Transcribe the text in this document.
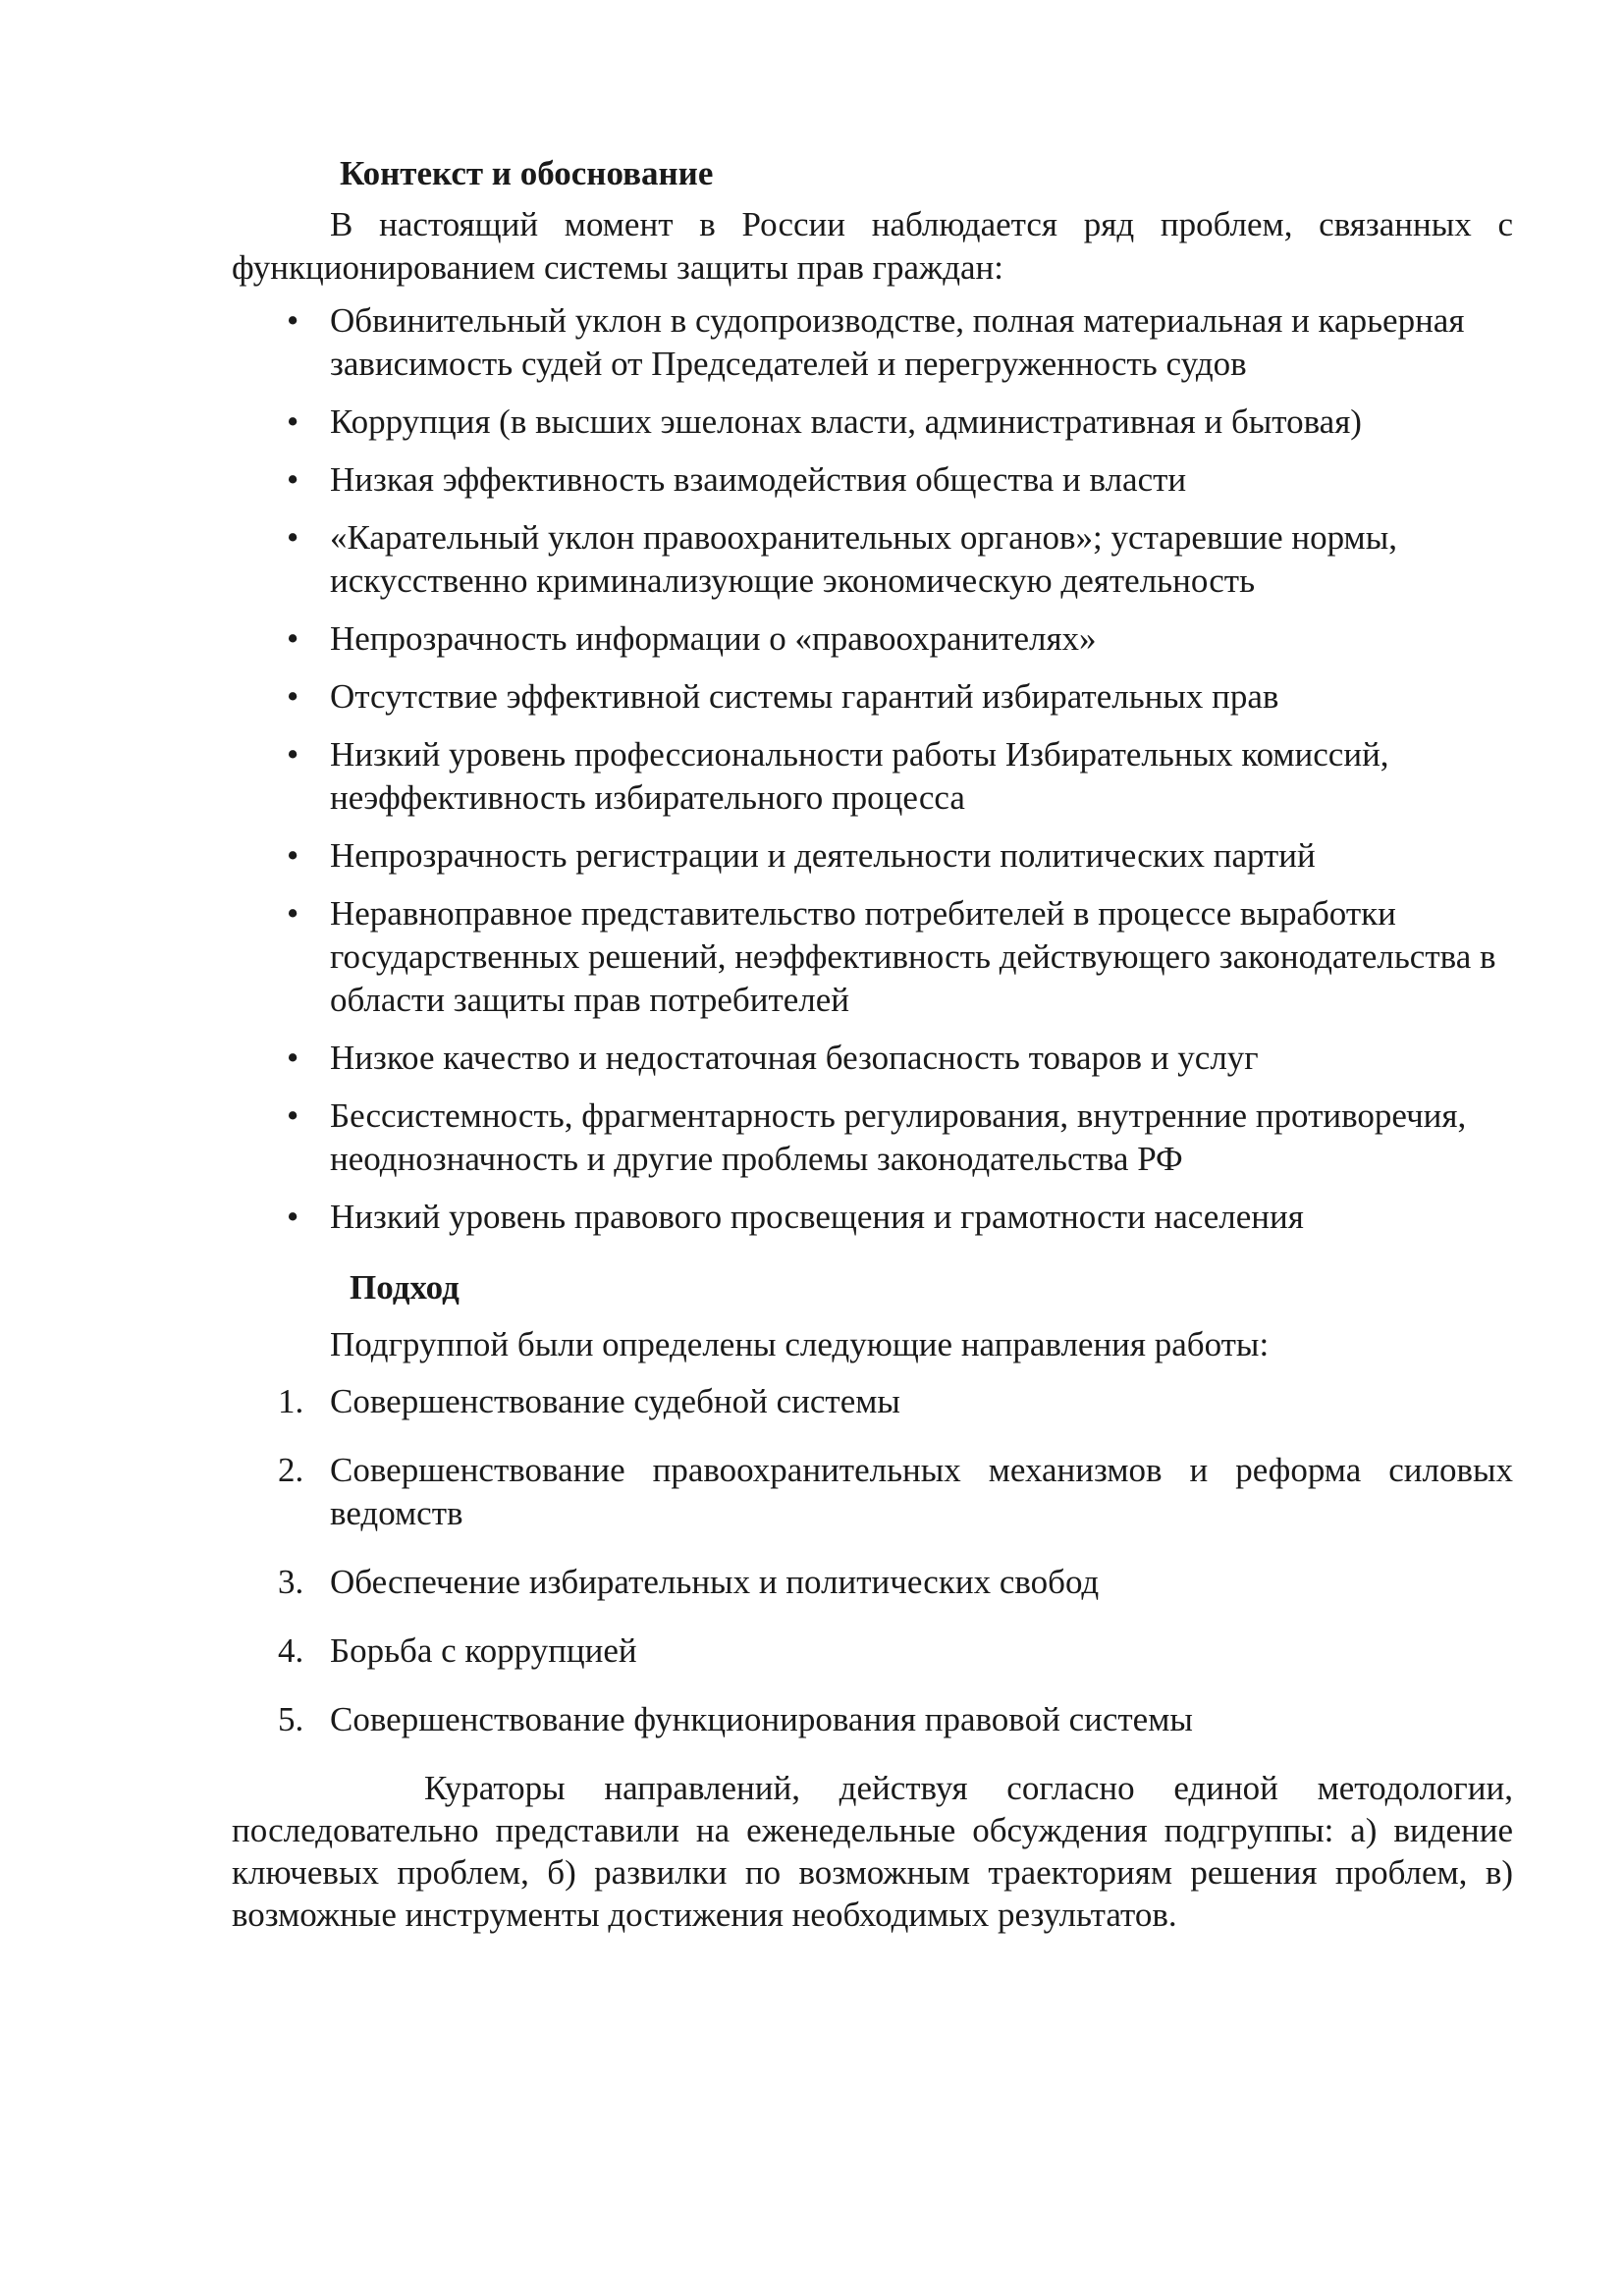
Контекст и обоснование

В настоящий момент в России наблюдается ряд проблем, связанных с функционированием системы защиты прав граждан:

• Обвинительный уклон в судопроизводстве, полная материальная и карьерная зависимость судей от Председателей и перегруженность судов
• Коррупция (в высших эшелонах власти, административная и бытовая)
• Низкая эффективность взаимодействия общества и власти
• «Карательный уклон правоохранительных органов»; устаревшие нормы, искусственно криминализующие экономическую деятельность
• Непрозрачность информации о «правоохранителях»
• Отсутствие эффективной системы гарантий избирательных прав
• Низкий уровень профессиональности работы Избирательных комиссий, неэффективность избирательного процесса
• Непрозрачность регистрации и деятельности политических партий
• Неравноправное представительство потребителей в процессе выработки государственных решений, неэффективность действующего законодательства в области защиты прав потребителей
• Низкое качество и недостаточная безопасность товаров и услуг
• Бессистемность, фрагментарность регулирования, внутренние противоречия, неоднозначность и другие проблемы законодательства РФ
• Низкий уровень правового просвещения и грамотности населения

Подход

Подгруппой были определены следующие направления работы:

1. Совершенствование судебной системы
2. Совершенствование правоохранительных механизмов и реформа силовых ведомств
3. Обеспечение избирательных и политических свобод
4. Борьба с коррупцией
5. Совершенствование функционирования правовой системы

Кураторы направлений, действуя согласно единой методологии, последовательно представили на еженедельные обсуждения подгруппы: а) видение ключевых проблем, б) развилки по возможным траекториям решения проблем, в) возможные инструменты достижения необходимых результатов.
